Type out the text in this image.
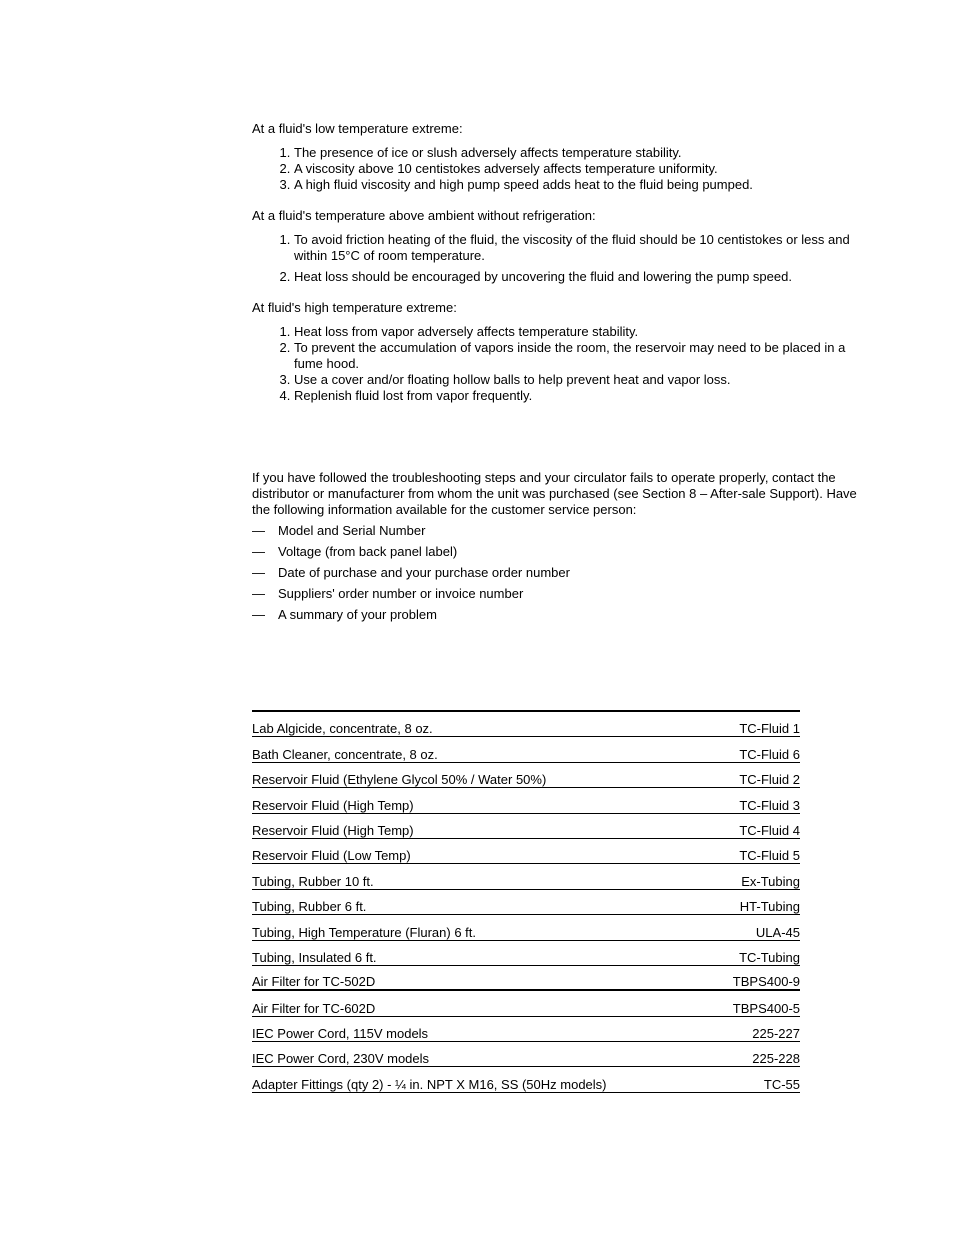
At a fluid's low temperature extreme:

1. The presence of ice or slush adversely affects temperature stability.
2. A viscosity above 10 centistokes adversely affects temperature uniformity.
3. A high fluid viscosity and high pump speed adds heat to the fluid being pumped.

At a fluid's temperature above ambient without refrigeration:

1. To avoid friction heating of the fluid, the viscosity of the fluid should be 10 centistokes or less and within 15°C of room temperature.
2. Heat loss should be encouraged by uncovering the fluid and lowering the pump speed.

At fluid's high temperature extreme:

1. Heat loss from vapor adversely affects temperature stability.
2. To prevent the accumulation of vapors inside the room, the reservoir may need to be placed in a fume hood.
3. Use a cover and/or floating hollow balls to help prevent heat and vapor loss.
4. Replenish fluid lost from vapor frequently.

If you have followed the troubleshooting steps and your circulator fails to operate properly, contact the distributor or manufacturer from whom the unit was purchased (see Section 8 – After-sale Support). Have the following information available for the customer service person:

— Model and Serial Number
— Voltage (from back panel label)
— Date of purchase and your purchase order number
— Suppliers' order number or invoice number
— A summary of your problem
Lab Algicide, concentrate, 8 oz.	TC-Fluid 1
Bath Cleaner, concentrate, 8 oz.	TC-Fluid 6
Reservoir Fluid (Ethylene Glycol 50% / Water 50%)	TC-Fluid 2
Reservoir Fluid (High Temp)	TC-Fluid 3
Reservoir Fluid (High Temp)	TC-Fluid 4
Reservoir Fluid (Low Temp)	TC-Fluid 5
Tubing, Rubber 10 ft.	Ex-Tubing
Tubing, Rubber 6 ft.	HT-Tubing
Tubing, High Temperature (Fluran) 6 ft.	ULA-45
Tubing, Insulated 6 ft.	TC-Tubing
Air Filter for TC-502D	TBPS400-9
Air Filter for TC-602D	TBPS400-5
IEC Power Cord, 115V models	225-227
IEC Power Cord, 230V models	225-228
Adapter Fittings (qty 2) - ¼ in. NPT X M16, SS (50Hz models)	TC-55
